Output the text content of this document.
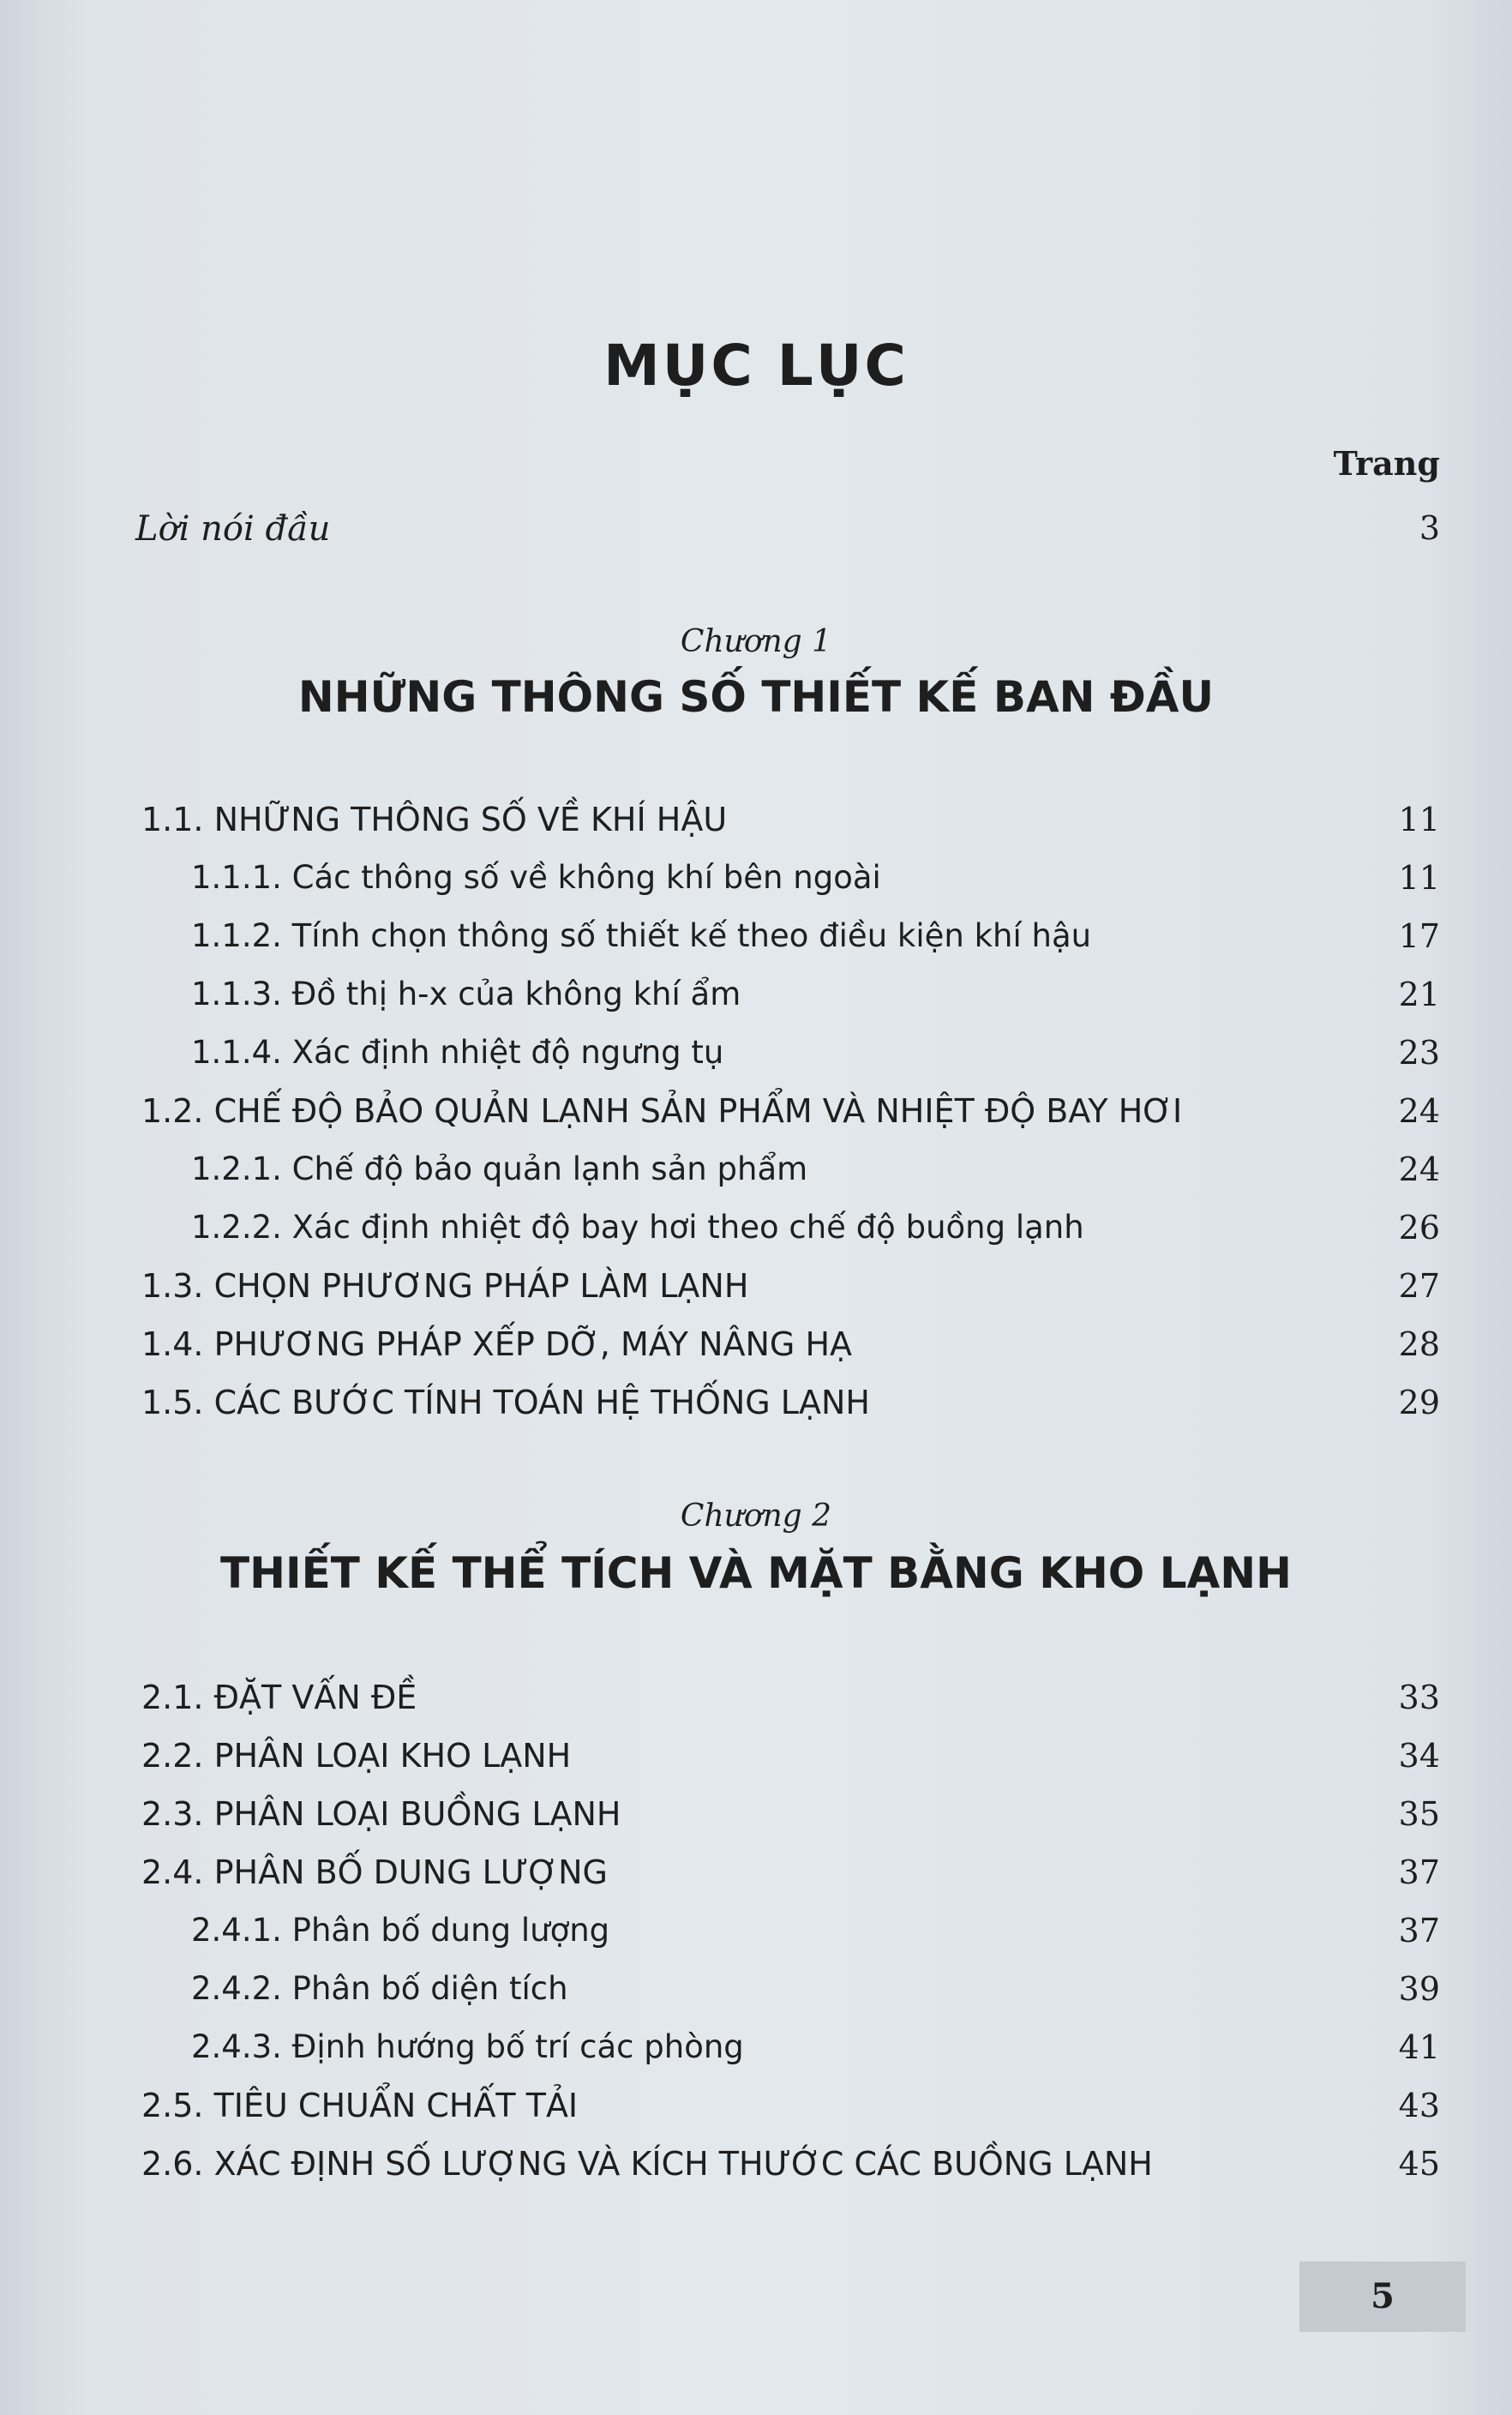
MỤC LỤC
Trang
Lời nói đầu	3
Chương 1
NHỮNG THÔNG SỐ THIẾT KẾ BAN ĐẦU
1.1. NHỮNG THÔNG SỐ VỀ KHÍ HẬU	11
1.1.1. Các thông số về không khí bên ngoài	11
1.1.2. Tính chọn thông số thiết kế theo điều kiện khí hậu	17
1.1.3. Đồ thị h-x của không khí ẩm	21
1.1.4. Xác định nhiệt độ ngưng tụ	23
1.2. CHẾ ĐỘ BẢO QUẢN LẠNH SẢN PHẨM VÀ NHIỆT ĐỘ BAY HƠI	24
1.2.1. Chế độ bảo quản lạnh sản phẩm	24
1.2.2. Xác định nhiệt độ bay hơi theo chế độ buồng lạnh	26
1.3. CHỌN PHƯƠNG PHÁP LÀM LẠNH	27
1.4. PHƯƠNG PHÁP XẾP DỠ, MÁY NÂNG HẠ	28
1.5. CÁC BƯỚC TÍNH TOÁN HỆ THỐNG LẠNH	29
Chương 2
THIẾT KẾ THỂ TÍCH VÀ MẶT BẰNG KHO LẠNH
2.1. ĐẶT VẤN ĐỀ	33
2.2. PHÂN LOẠI KHO LẠNH	34
2.3. PHÂN LOẠI BUỒNG LẠNH	35
2.4. PHÂN BỐ DUNG LƯỢNG	37
2.4.1. Phân bố dung lượng	37
2.4.2. Phân bố diện tích	39
2.4.3. Định hướng bố trí các phòng	41
2.5. TIÊU CHUẨN CHẤT TẢI	43
2.6. XÁC ĐỊNH SỐ LƯỢNG VÀ KÍCH THƯỚC CÁC BUỒNG LẠNH	45
5
